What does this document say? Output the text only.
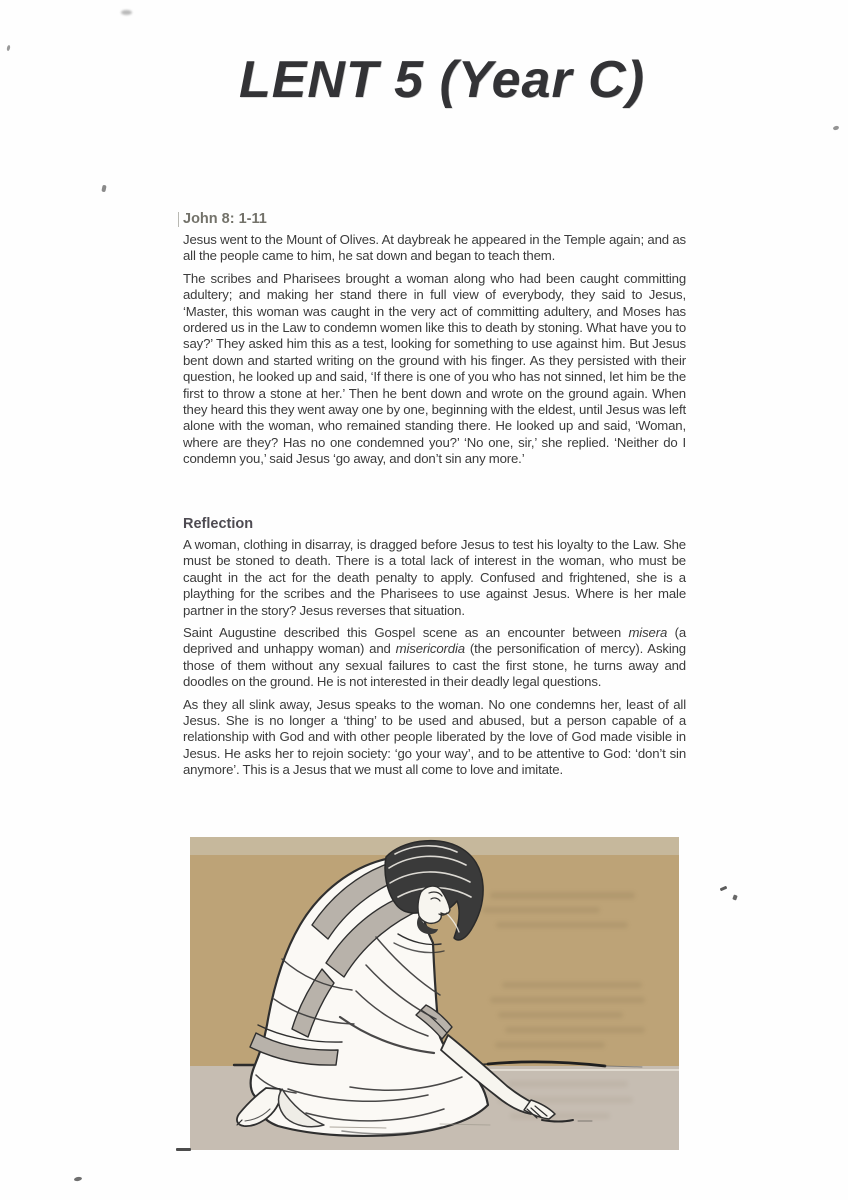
LENT 5 (Year C)
John 8: 1-11

Jesus went to the Mount of Olives. At daybreak he appeared in the Temple again; and as all the people came to him, he sat down and began to teach them.

The scribes and Pharisees brought a woman along who had been caught committing adultery; and making her stand there in full view of everybody, they said to Jesus, ‘Master, this woman was caught in the very act of committing adultery, and Moses has ordered us in the Law to condemn women like this to death by stoning. What have you to say?’ They asked him this as a test, looking for something to use against him. But Jesus bent down and started writing on the ground with his finger. As they persisted with their question, he looked up and said, ‘If there is one of you who has not sinned, let him be the first to throw a stone at her.’ Then he bent down and wrote on the ground again. When they heard this they went away one by one, beginning with the eldest, until Jesus was left alone with the woman, who remained standing there. He looked up and said, ‘Woman, where are they? Has no one condemned you?’ ‘No one, sir,’ she replied. ‘Neither do I condemn you,’ said Jesus ‘go away, and don’t sin any more.’

Reflection

A woman, clothing in disarray, is dragged before Jesus to test his loyalty to the Law. She must be stoned to death. There is a total lack of interest in the woman, who must be caught in the act for the death penalty to apply. Confused and frightened, she is a plaything for the scribes and the Pharisees to use against Jesus. Where is her male partner in the story? Jesus reverses that situation.

Saint Augustine described this Gospel scene as an encounter between misera (a deprived and unhappy woman) and misericordia (the personification of mercy). Asking those of them without any sexual failures to cast the first stone, he turns away and doodles on the ground. He is not interested in their deadly legal questions.

As they all slink away, Jesus speaks to the woman. No one condemns her, least of all Jesus. She is no longer a ‘thing’ to be used and abused, but a person capable of a relationship with God and with other people liberated by the love of God made visible in Jesus. He asks her to rejoin society: ‘go your way’, and to be attentive to God: ‘don’t sin anymore’. This is a Jesus that we must all come to love and imitate.
